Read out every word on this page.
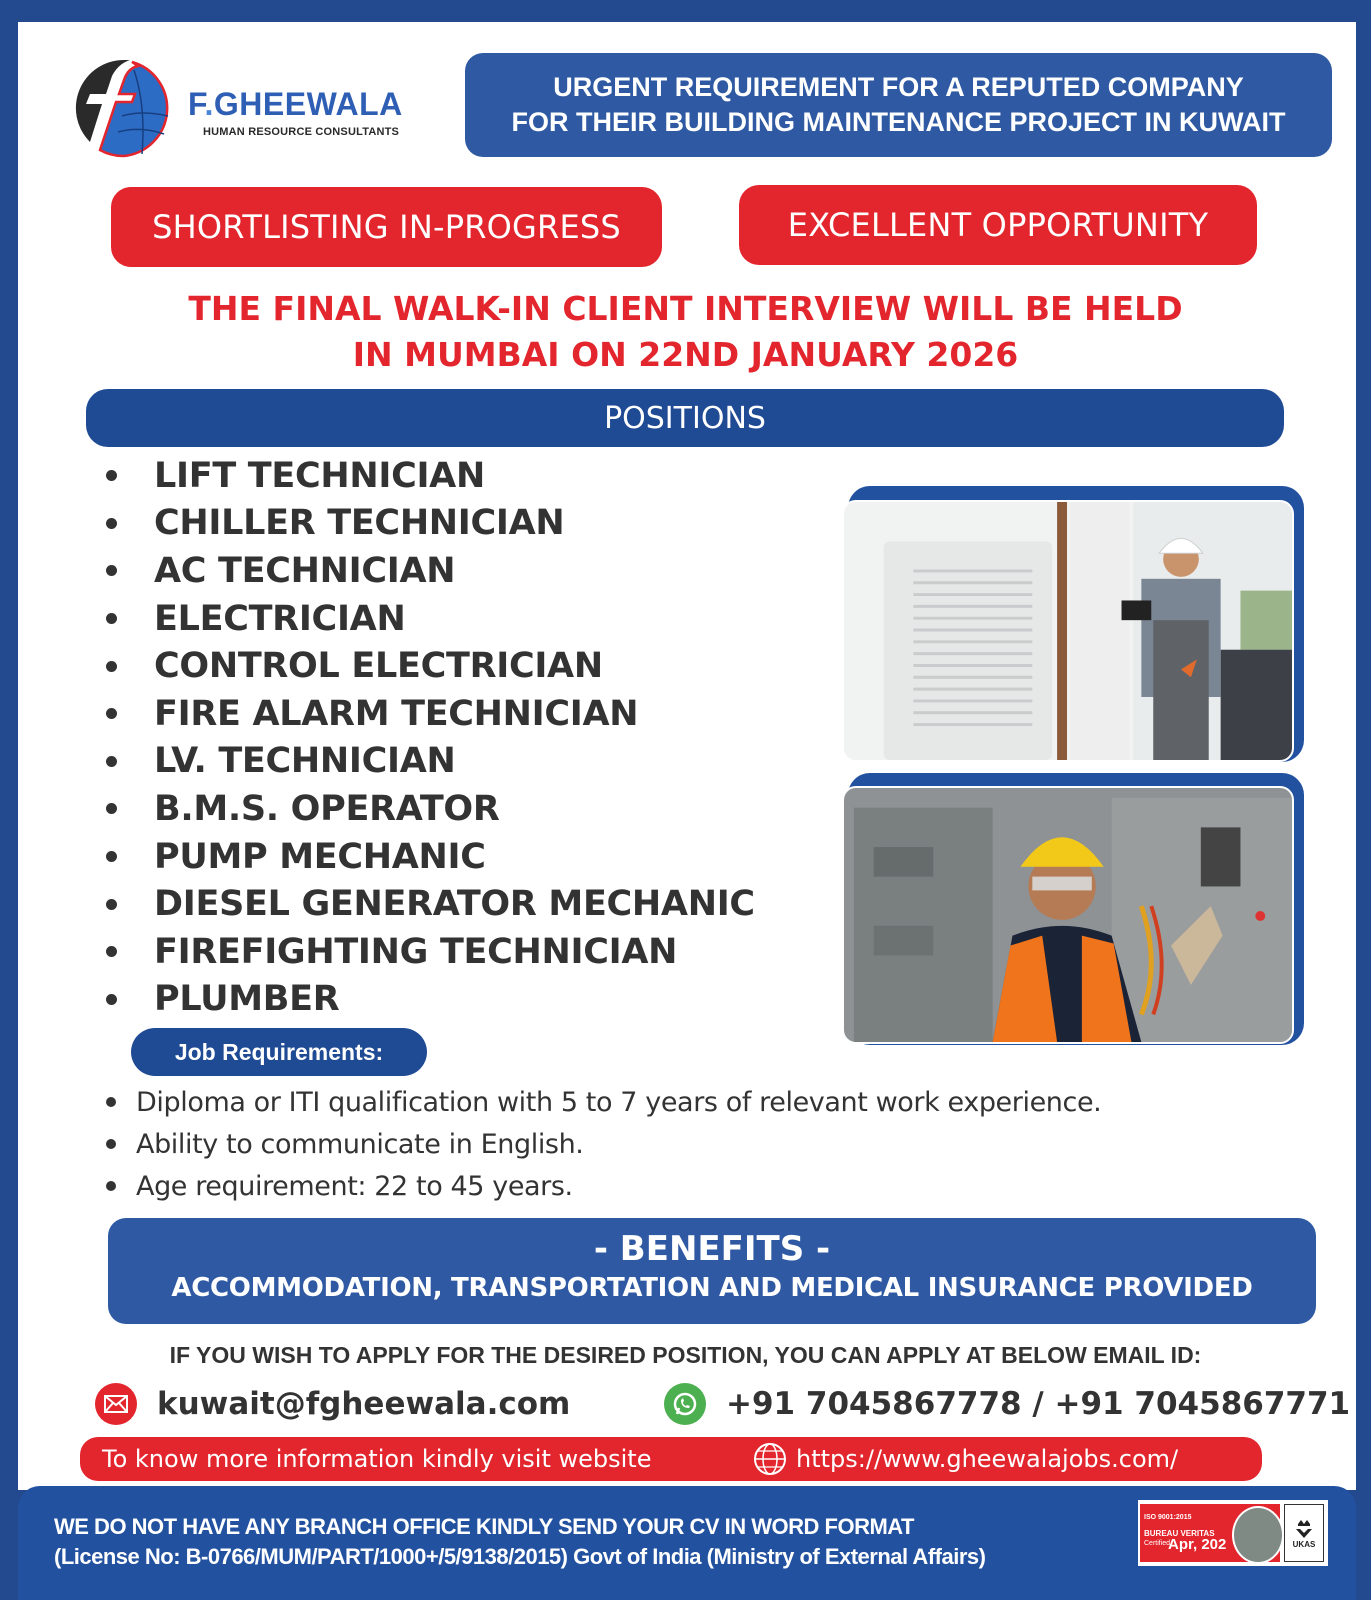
F.GHEEWALA
HUMAN RESOURCE CONSULTANTS
URGENT REQUIREMENT FOR A REPUTED COMPANY
FOR THEIR BUILDING MAINTENANCE PROJECT IN KUWAIT
SHORTLISTING IN-PROGRESS	EXCELLENT OPPORTUNITY
THE FINAL WALK-IN CLIENT INTERVIEW WILL BE HELD
IN MUMBAI ON 22ND JANUARY 2026
POSITIONS
LIFT TECHNICIAN
CHILLER TECHNICIAN
AC TECHNICIAN
ELECTRICIAN
CONTROL ELECTRICIAN
FIRE ALARM TECHNICIAN
LV. TECHNICIAN
B.M.S. OPERATOR
PUMP MECHANIC
DIESEL GENERATOR MECHANIC
FIREFIGHTING TECHNICIAN
PLUMBER
Job Requirements:
Diploma or ITI qualification with 5 to 7 years of relevant work experience.
Ability to communicate in English.
Age requirement: 22 to 45 years.
- BENEFITS -
ACCOMMODATION, TRANSPORTATION AND MEDICAL INSURANCE PROVIDED
IF YOU WISH TO APPLY FOR THE DESIRED POSITION, YOU CAN APPLY AT BELOW EMAIL ID:
kuwait@fgheewala.com	+91 7045867778 / +91 7045867771
To know more information kindly visit website	https://www.gheewalajobs.com/
WE DO NOT HAVE ANY BRANCH OFFICE KINDLY SEND YOUR CV IN WORD FORMAT
(License No: B-0766/MUM/PART/1000+/5/9138/2015) Govt of India (Ministry of External Affairs)
ISO 9001:2015
BUREAU VERITAS
Certified
Apr, 202	UKAS
